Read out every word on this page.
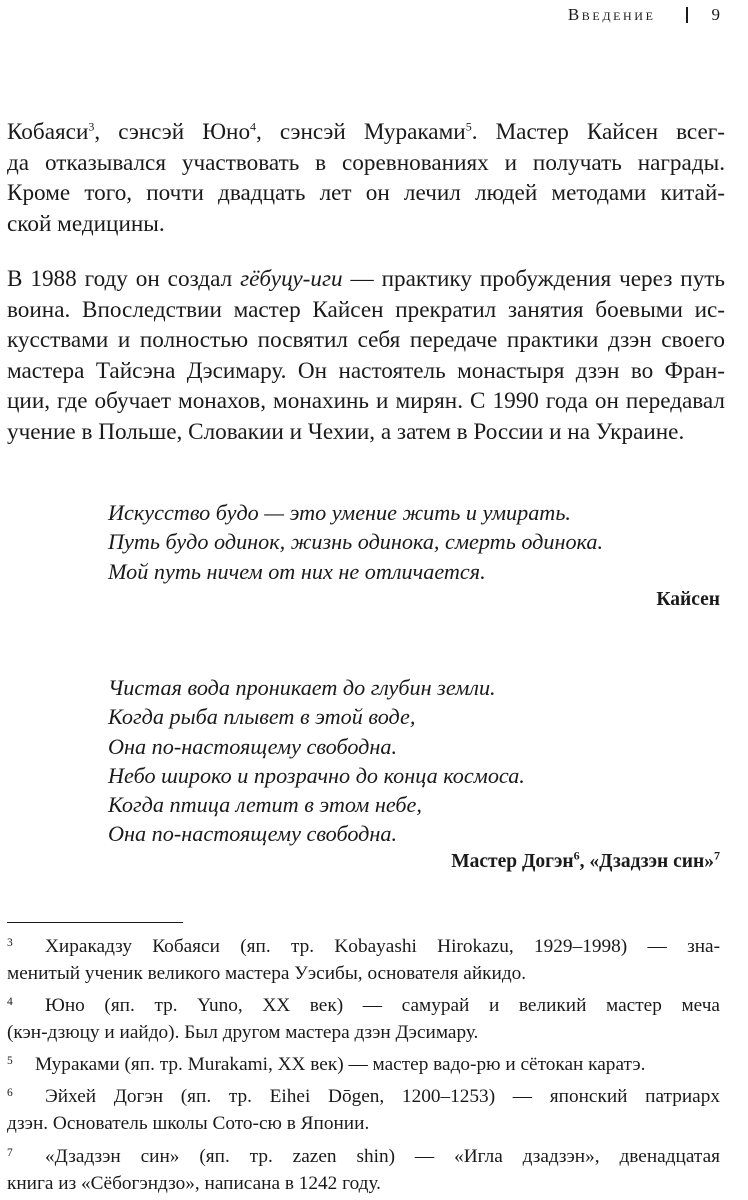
Введение	9
Кобаяси$^3$, сэнсэй Юно$^4$, сэнсэй Мураками$^5$. Мастер Кайсен всег-
да отказывался участвовать в соревнованиях и получать награды.
Кроме того, почти двадцать лет он лечил людей методами китай-
ской медицины.
В 1988 году он создал гёбуцу-иги — практику пробуждения через путь
воина. Впоследствии мастер Кайсен прекратил занятия боевыми ис-
кусствами и полностью посвятил себя передаче практики дзэн своего
мастера Тайсэна Дэсимару. Он настоятель монастыря дзэн во Фран-
ции, где обучает монахов, монахинь и мирян. С 1990 года он передавал
учение в Польше, Словакии и Чехии, а затем в России и на Украине.
Искусство будо — это умение жить и умирать.
Путь будо одинок, жизнь одинока, смерть одинока.
Мой путь ничем от них не отличается.
Кайсен
Чистая вода проникает до глубин земли.
Когда рыба плывет в этой воде,
Она по-настоящему свободна.
Небо широко и прозрачно до конца космоса.
Когда птица летит в этом небе,
Она по-настоящему свободна.
Мастер Догэн$^6$, «Дзадзэн син»$^7$
3 Хиракадзу Кобаяси (яп. тр. Kobayashi Hirokazu, 1929–1998) — зна-
менитый ученик великого мастера Уэсибы, основателя айкидо.
4 Юно (яп. тр. Yuno, XX век) — самурай и великий мастер меча
(кэн-дзюцу и иайдо). Был другом мастера дзэн Дэсимару.
5 Мураками (яп. тр. Murakami, XX век) — мастер вадо-рю и сётокан каратэ.
6 Эйхей Догэн (яп. тр. Eihei Dōgen, 1200–1253) — японский патриарх
дзэн. Основатель школы Сото-сю в Японии.
7 «Дзадзэн син» (яп. тр. zazen shin) — «Игла дзадзэн», двенадцатая
книга из «Сёбогэндзо», написана в 1242 году.
